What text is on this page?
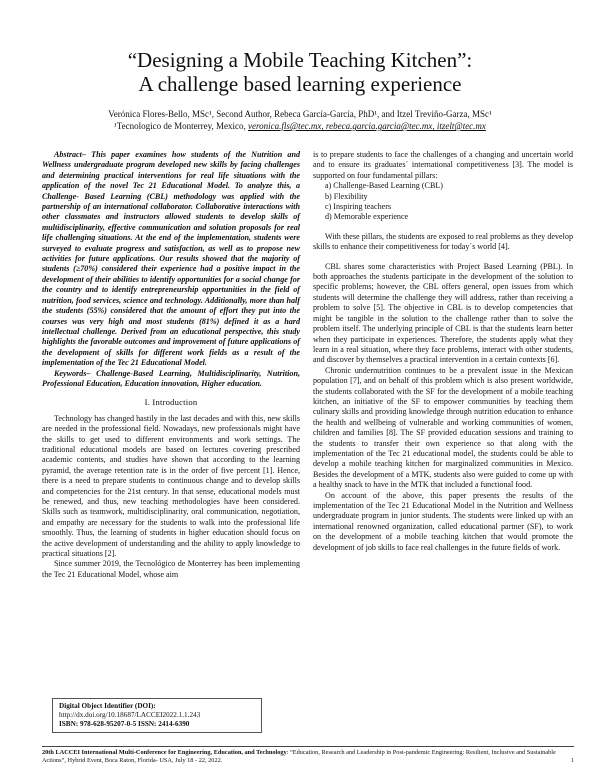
“Designing a Mobile Teaching Kitchen”:
A challenge based learning experience
Verónica Flores-Bello, MSc¹, Second Author, Rebeca García-García, PhD¹, and Itzel Treviño-Garza, MSc¹
¹Tecnologico de Monterrey, Mexico, veronica.fls@tec.mx, rebeca.garcia.garcia@tec.mx, itzelt@tec.mx

Abstract– This paper examines how students of the Nutrition and Wellness undergraduate program developed new skills by facing challenges and determining practical interventions for real life situations with the application of the novel Tec 21 Educational Model. To analyze this, a Challenge- Based Learning (CBL) methodology was applied with the partnership of an international collaborator. Collaborative interactions with other classmates and instructors allowed students to develop skills of multidisciplinarity, effective communication and solution proposals for real life challenging situations. At the end of the implementation, students were surveyed to evaluate progress and satisfaction, as well as to propose new activities for future applications. Our results showed that the majority of students (≥70%) considered their experience had a positive impact in the development of their abilities to identify opportunities for a social change for the country and to identify entrepreneurship opportunities in the field of nutrition, food services, science and technology. Additionally, more than half the students (55%) considered that the amount of effort they put into the courses was very high and most students (81%) defined it as a hard intellectual challenge. Derived from an educational perspective, this study highlights the favorable outcomes and improvement of future applications of the development of skills for different work fields as a result of the implementation of the Tec 21 Educational Model.

Keywords– Challenge-Based Learning, Multidisciplinarity, Nutrition, Professional Education, Education innovation, Higher education.

I. Introduction

Technology has changed hastily in the last decades and with this, new skills are needed in the professional field. Nowadays, new professionals might have the skills to get used to different environments and work settings. The traditional educational models are based on lectures covering prescribed academic contents, and studies have shown that according to the learning pyramid, the average retention rate is in the order of five percent [1]. Hence, there is a need to prepare students to continuous change and to develop skills and competencies for the 21st century. In that sense, educational models must be renewed, and thus, new teaching methodologies have been considered. Skills such as teamwork, multidisciplinarity, oral communication, negotiation, and empathy are necessary for the students to walk into the professional life smoothly. Thus, the learning of students in higher education should focus on the active development of understanding and the ability to apply knowledge to practical situations [2].

Since summer 2019, the Tecnológico de Monterrey has been implementing the Tec 21 Educational Model, whose aim

is to prepare students to face the challenges of a changing and uncertain world and to ensure its graduates´ international competitiveness [3]. The model is supported on four fundamental pillars:

a) Challenge-Based Learning (CBL)
b) Flexibility
c) Inspiring teachers
d) Memorable experience

With these pillars, the students are exposed to real problems as they develop skills to enhance their competitiveness for today´s world [4].

CBL shares some characteristics with Project Based Learning (PBL). In both approaches the students participate in the development of the solution to specific problems; however, the CBL offers general, open issues from which students will determine the challenge they will address, rather than receiving a problem to solve [5]. The objective in CBL is to develop competencies that might be tangible in the solution to the challenge rather than to solve the problem itself. The underlying principle of CBL is that the students learn better when they participate in experiences. Therefore, the students apply what they learn in a real situation, where they face problems, interact with other students, and discover by themselves a practical intervention in a certain contexts [6].

Chronic undernutrition continues to be a prevalent issue in the Mexican population [7], and on behalf of this problem which is also present worldwide, the students collaborated with the SF for the development of a mobile teaching kitchen, an initiative of the SF to empower communities by teaching them culinary skills and providing knowledge through nutrition education to enhance the health and wellbeing of vulnerable and working communities of women, children and families [8]. The SF provided education sessions and training to the students to transfer their own experience so that along with the implementation of the Tec 21 educational model, the students could be able to develop a mobile teaching kitchen for marginalized communities in Mexico. Besides the development of a MTK, students also were guided to come up with a healthy snack to have in the MTK that included a functional food.

On account of the above, this paper presents the results of the implementation of the Tec 21 Educational Model in the Nutrition and Wellness undergraduate program in junior students. The students were linked up with an international renowned organization, called educational partner (SF), to work on the development of a mobile teaching kitchen that would promote the development of job skills to face real challenges in the future fields of work.

Digital Object Identifier (DOI):
http://dx.doi.org/10.18687/LACCEI2022.1.1.243
ISBN: 978-628-95207-0-5 ISSN: 2414-6390
20th LACCEI International Multi-Conference for Engineering, Education, and Technology: “Education, Research and Leadership in Post-pandemic Engineering: Resilient, Inclusive and Sustainable Actions”, Hybrid Event, Boca Raton, Florida- USA, July 18 - 22, 2022.	1
